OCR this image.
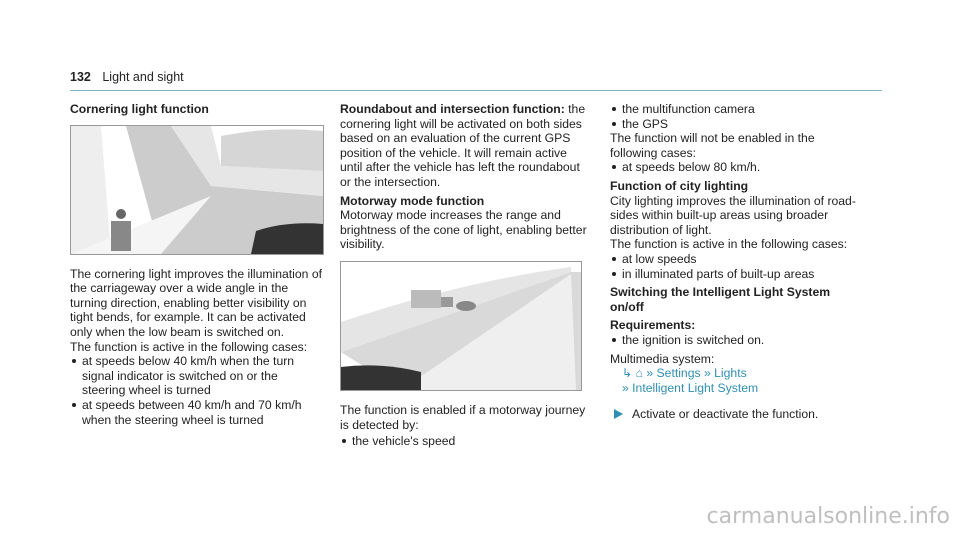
132 Light and sight

Cornering light function

The cornering light improves the illumination of the carriageway over a wide angle in the turning direction, enabling better visibility on tight bends, for example. It can be activated only when the low beam is switched on.

The function is active in the following cases:

at speeds below 40 km/h when the turn signal indicator is switched on or the steering wheel is turned
at speeds between 40 km/h and 70 km/h when the steering wheel is turned

Roundabout and intersection function: the cornering light will be activated on both sides based on an evaluation of the current GPS position of the vehicle. It will remain active until after the vehicle has left the roundabout or the intersection.

Motorway mode function

Motorway mode increases the range and brightness of the cone of light, enabling better visibility.

The function is enabled if a motorway journey is detected by:

the vehicle's speed
the multifunction camera
the GPS

The function will not be enabled in the following cases:

at speeds below 80 km/h.

Function of city lighting

City lighting improves the illumination of road-sides within built-up areas using broader distribution of light.

The function is active in the following cases:

at low speeds
in illuminated parts of built-up areas

Switching the Intelligent Light System on/off

Requirements:

the ignition is switched on.

Multimedia system:

↳ ⌂ » Settings » Lights

» Intelligent Light System

Activate or deactivate the function.
carmanualsonline.info
